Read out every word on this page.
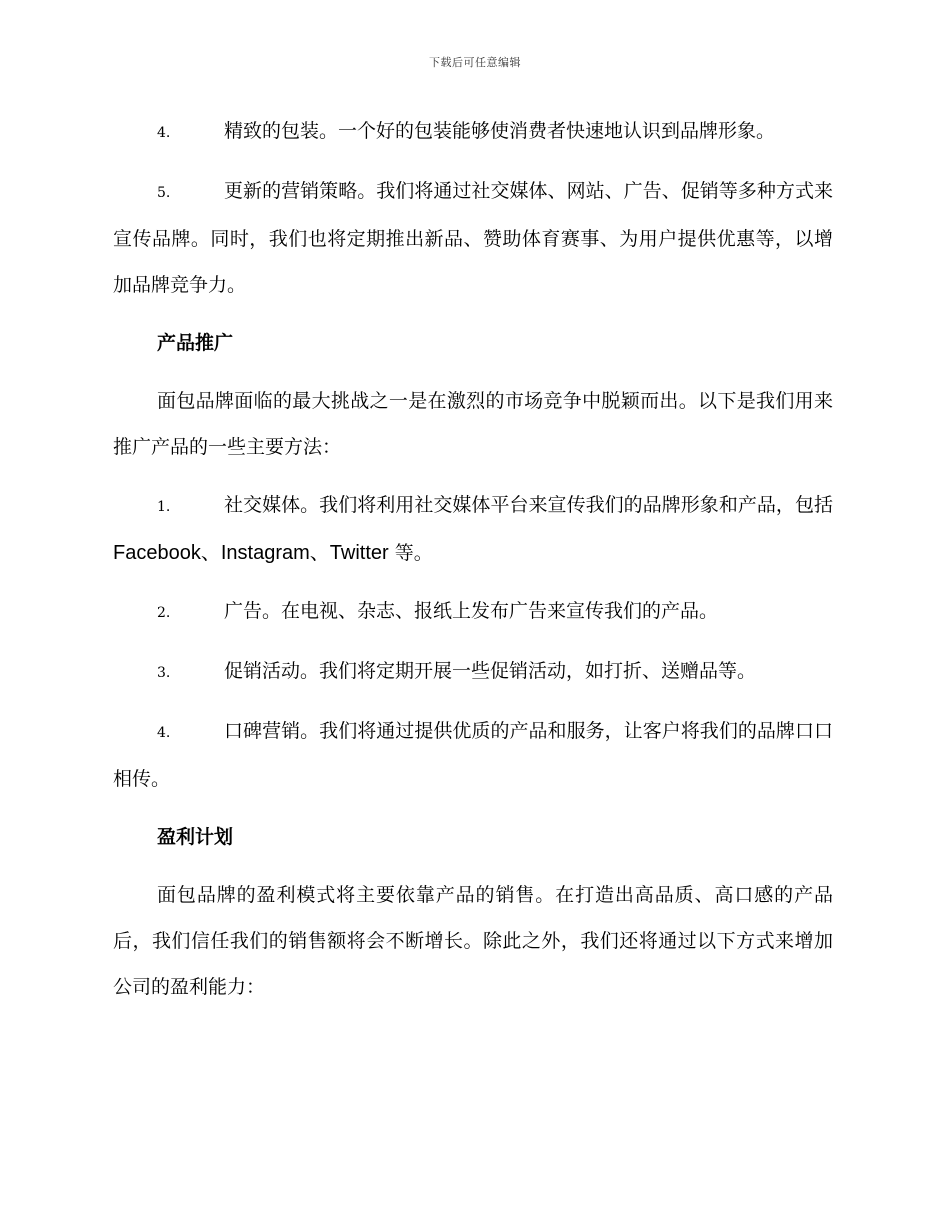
下载后可任意编辑

4.	精致的包装。一个好的包装能够使消费者快速地认识到品牌形象。

5.	更新的营销策略。我们将通过社交媒体、网站、广告、促销等多种方式来宣传品牌。同时，我们也将定期推出新品、赞助体育赛事、为用户提供优惠等，以增加品牌竞争力。

产品推广

面包品牌面临的最大挑战之一是在激烈的市场竞争中脱颖而出。以下是我们用来推广产品的一些主要方法：

1.	社交媒体。我们将利用社交媒体平台来宣传我们的品牌形象和产品，包括 Facebook、Instagram、Twitter 等。

2.	广告。在电视、杂志、报纸上发布广告来宣传我们的产品。

3.	促销活动。我们将定期开展一些促销活动，如打折、送赠品等。

4.	口碑营销。我们将通过提供优质的产品和服务，让客户将我们的品牌口口相传。

盈利计划

面包品牌的盈利模式将主要依靠产品的销售。在打造出高品质、高口感的产品后，我们信任我们的销售额将会不断增长。除此之外，我们还将通过以下方式来增加公司的盈利能力：
